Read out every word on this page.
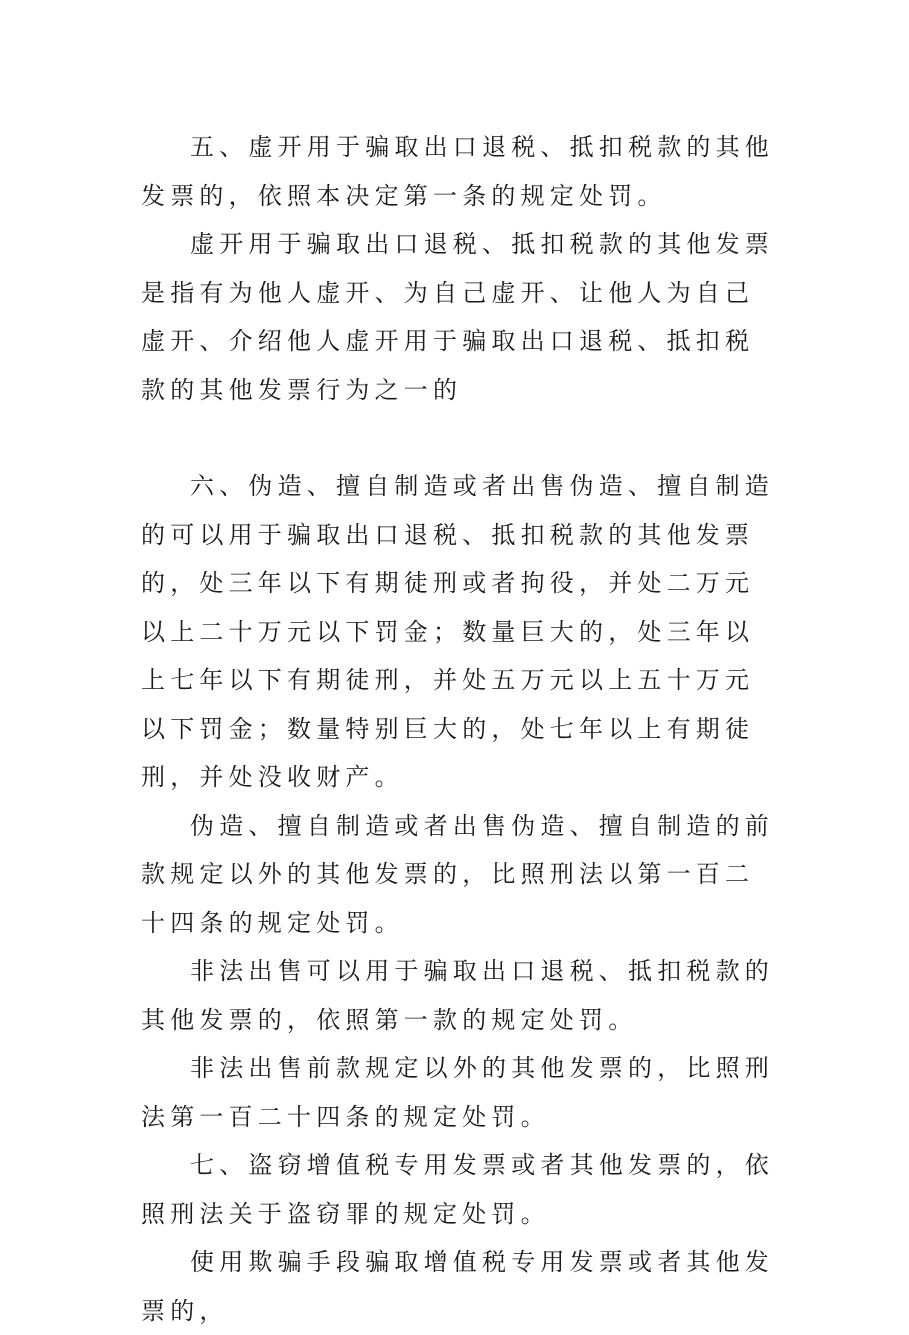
五、虚开用于骗取出口退税、抵扣税款的其他发票的，依照本决定第一条的规定处罚。

虚开用于骗取出口退税、抵扣税款的其他发票是指有为他人虚开、为自己虚开、让他人为自己虚开、介绍他人虚开用于骗取出口退税、抵扣税款的其他发票行为之一的

六、伪造、擅自制造或者出售伪造、擅自制造的可以用于骗取出口退税、抵扣税款的其他发票的，处三年以下有期徒刑或者拘役，并处二万元以上二十万元以下罚金；数量巨大的，处三年以上七年以下有期徒刑，并处五万元以上五十万元以下罚金；数量特别巨大的，处七年以上有期徒刑，并处没收财产。

伪造、擅自制造或者出售伪造、擅自制造的前款规定以外的其他发票的，比照刑法以第一百二十四条的规定处罚。

非法出售可以用于骗取出口退税、抵扣税款的其他发票的，依照第一款的规定处罚。

非法出售前款规定以外的其他发票的，比照刑法第一百二十四条的规定处罚。

七、盗窃增值税专用发票或者其他发票的，依照刑法关于盗窃罪的规定处罚。

使用欺骗手段骗取增值税专用发票或者其他发票的，
